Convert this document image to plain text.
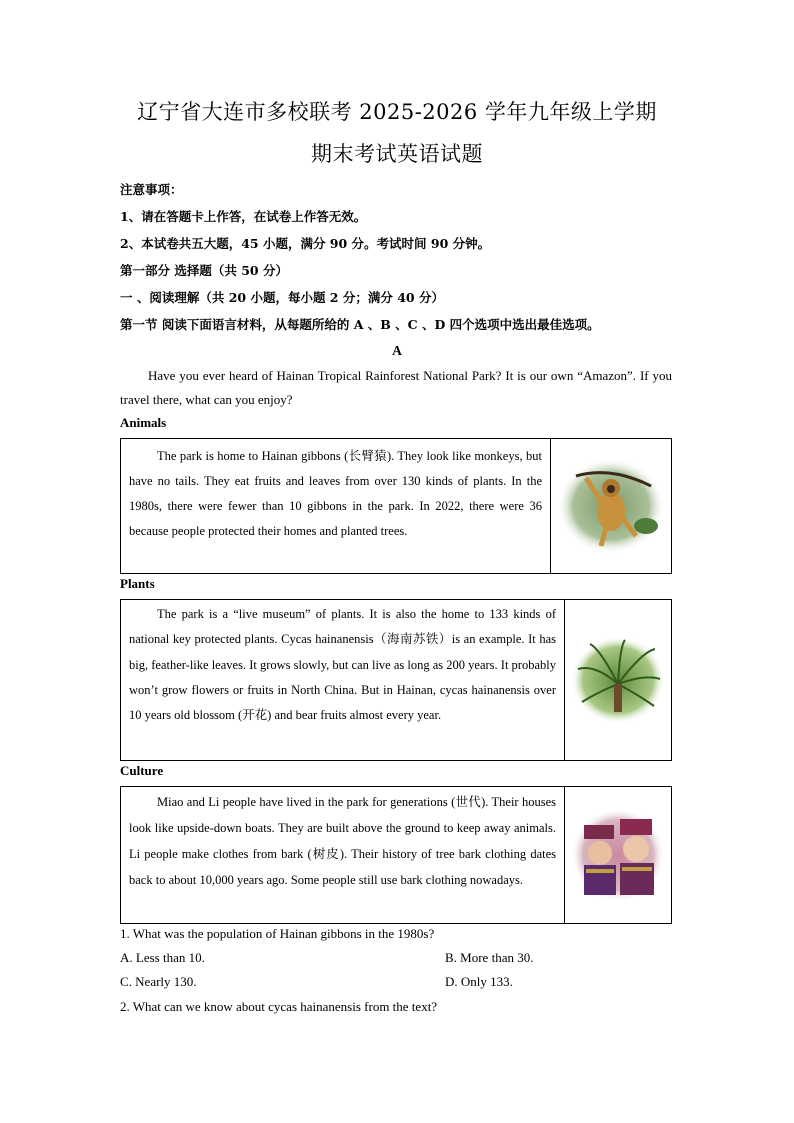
辽宁省大连市多校联考 2025-2026 学年九年级上学期
期末考试英语试题
注意事项：
1、请在答题卡上作答，在试卷上作答无效。
2、本试卷共五大题，45 小题，满分 90 分。考试时间 90 分钟。
第一部分 选择题（共 50 分）
一 、阅读理解（共 20 小题，每小题 2 分；满分 40 分）
第一节 阅读下面语言材料，从每题所给的 A 、B 、C 、D 四个选项中选出最佳选项。
A

Have you ever heard of Hainan Tropical Rainforest National Park? It is our own “Amazon”. If you travel there, what can you enjoy?

Animals

The park is home to Hainan gibbons (长臂猿). They look like monkeys, but have no tails. They eat fruits and leaves from over 130 kinds of plants. In the 1980s, there were fewer than 10 gibbons in the park. In 2022, there were 36 because people protected their homes and planted trees.

Plants

The park is a “live museum” of plants. It is also the home to 133 kinds of national key protected plants. Cycas hainanensis（海南苏铁）is an example. It has big, feather-like leaves. It grows slowly, but can live as long as 200 years. It probably won’t grow flowers or fruits in North China. But in Hainan, cycas hainanensis over 10 years old blossom (开花) and bear fruits almost every year.

Culture

Miao and Li people have lived in the park for generations (世代). Their houses look like upside-down boats. They are built above the ground to keep away animals. Li people make clothes from bark (树皮). Their history of tree bark clothing dates back to about 10,000 years ago. Some people still use bark clothing nowadays.

1. What was the population of Hainan gibbons in the 1980s?
A. Less than 10.	B. More than 30.
C. Nearly 130.	D. Only 133.
2. What can we know about cycas hainanensis from the text?
